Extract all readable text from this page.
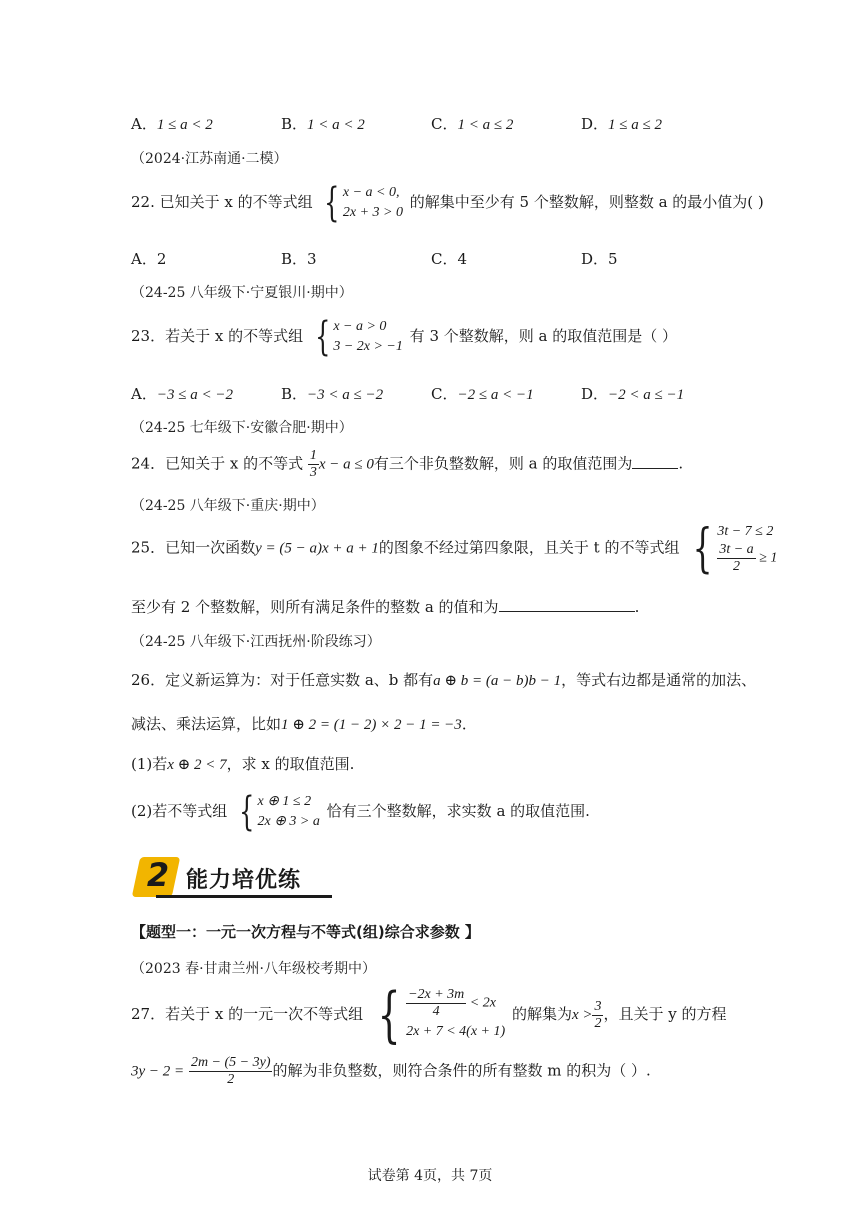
A．1 ≤ a < 2	B．1 < a < 2	C．1 < a ≤ 2	D．1 ≤ a ≤ 2
（2024·江苏南通·二模）
22. 已知关于 x 的不等式组 { x − a < 0,
2x + 3 > 0
的解集中至少有 5 个整数解，则整数 a 的最小值为( )
A．2	B．3	C．4	D．5
（24-25 八年级下·宁夏银川·期中）
23．若关于 x 的不等式组 { x − a > 0
3 − 2x > −1
有 3 个整数解，则 a 的取值范围是（ ）
A．−3 ≤ a < −2	B．−3 < a ≤ −2	C．−2 ≤ a < −1	D．−2 < a ≤ −1
（24-25 七年级下·安徽合肥·期中）
24．已知关于 x 的不等式 $\frac{1}{3}$ x − a ≤ 0有三个非负整数解，则 a 的取值范围为	.
（24-25 八年级下·重庆·期中）
25．已知一次函数y = (5 − a)x + a + 1的图象不经过第四象限，且关于 t 的不等式组 { 3t − 7 ≤ 2
$\frac{3t - a}{2} \ge 1$
至少有 2 个整数解，则所有满足条件的整数 a 的值和为	.
（24-25 八年级下·江西抚州·阶段练习）
26．定义新运算为：对于任意实数 a、b 都有a ⊕ b = (a − b)b − 1，等式右边都是通常的加法、
减法、乘法运算，比如1 ⊕ 2 = (1 − 2) × 2 − 1 = −3．
(1)若x ⊕ 2 < 7，求 x 的取值范围.
(2)若不等式组 { x ⊕ 1 ≤ 2
2x ⊕ 3 > a
恰有三个整数解，求实数 a 的取值范围.
2 能力培优练
【题型一：一元一次方程与不等式(组)综合求参数 】
（2023 春·甘肃兰州·八年级校考期中）
27．若关于 x 的一元一次不等式组 { $\frac{-2x + 3m}{4} < 2x$
2x + 7 < 4(x + 1)
的解集为$x > \frac{3}{2}$ ，且关于 y 的方程
$3y - 2 = \frac{2m - (5 - 3y)}{2}$ 的解为非负整数，则符合条件的所有整数 m 的积为（ ）.
试卷第 4页，共 7页
